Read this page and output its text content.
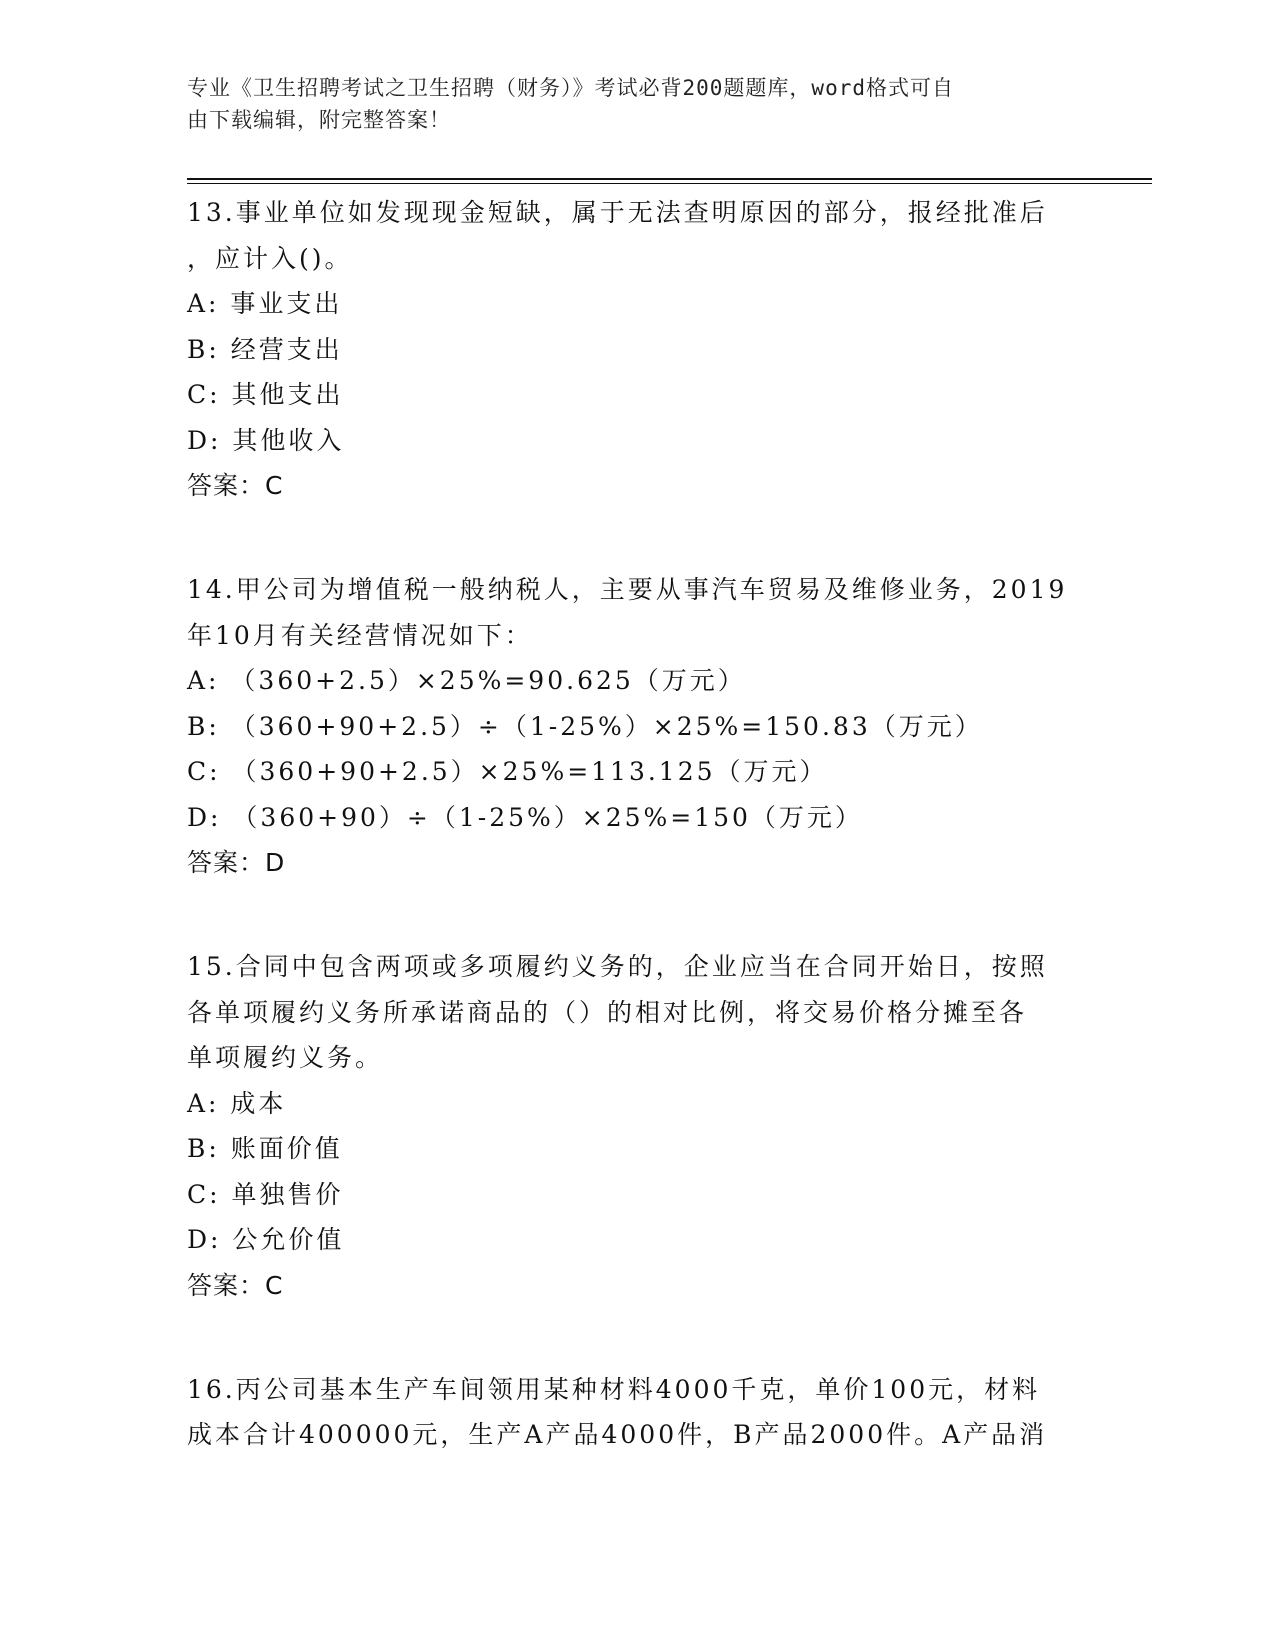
专业《卫生招聘考试之卫生招聘（财务）》考试必背200题题库，word格式可自
由下载编辑，附完整答案！
13.事业单位如发现现金短缺，属于无法查明原因的部分，报经批准后
，应计入()。
A: 事业支出
B: 经营支出
C: 其他支出
D: 其他收入
答案：C
14.甲公司为增值税一般纳税人，主要从事汽车贸易及维修业务，2019
年10月有关经营情况如下：
A: （360+2.5）×25%=90.625（万元）
B: （360+90+2.5）÷（1-25%）×25%=150.83（万元）
C: （360+90+2.5）×25%=113.125（万元）
D: （360+90）÷（1-25%）×25%=150（万元）
答案：D
15.合同中包含两项或多项履约义务的，企业应当在合同开始日，按照
各单项履约义务所承诺商品的（）的相对比例，将交易价格分摊至各
单项履约义务。
A: 成本
B: 账面价值
C: 单独售价
D: 公允价值
答案：C
16.丙公司基本生产车间领用某种材料4000千克，单价100元，材料
成本合计400000元，生产A产品4000件，B产品2000件。A产品消
